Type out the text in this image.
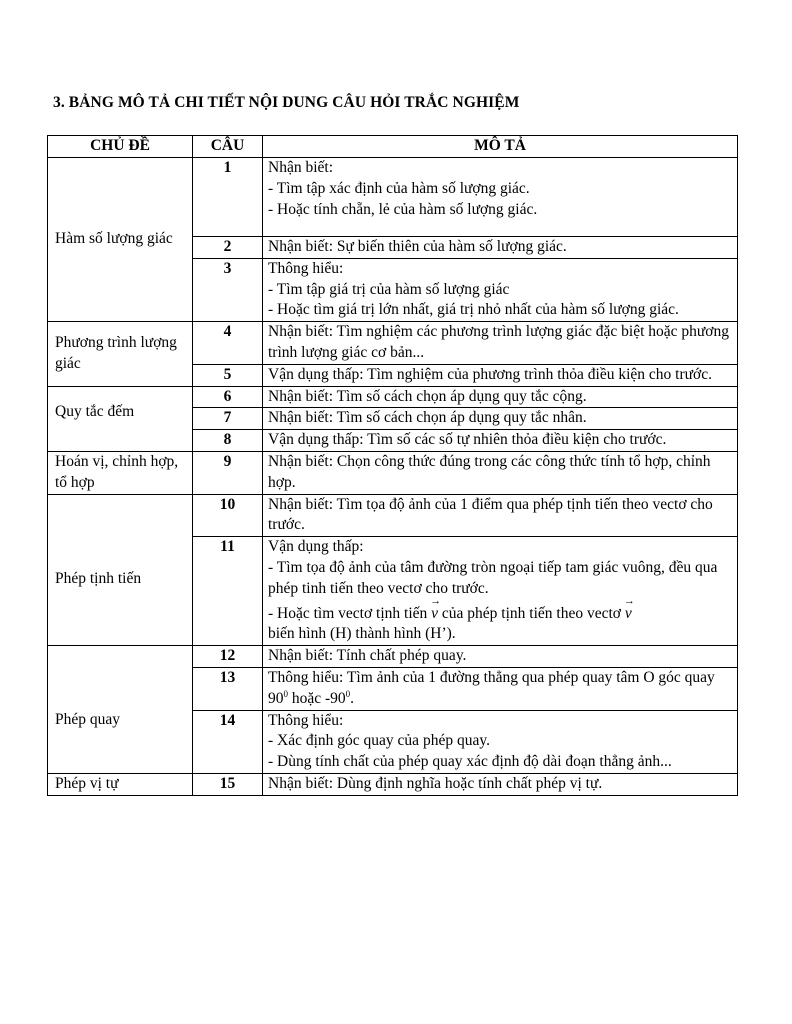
3. BẢNG MÔ TẢ CHI TIẾT NỘI DUNG CÂU HỎI TRẮC NGHIỆM
CHỦ ĐỀ	CÂU	MÔ TẢ
Hàm số lượng giác	1	Nhận biết:
- Tìm tập xác định của hàm số lượng giác.
- Hoặc tính chẵn, lẻ của hàm số lượng giác.

	2	Nhận biết: Sự biến thiên của hàm số lượng giác.

	3	Thông hiểu:
- Tìm tập giá trị của hàm số lượng giác
- Hoặc tìm giá trị lớn nhất, giá trị nhỏ nhất của hàm số lượng giác.

Phương trình lượng giác	4	Nhận biết: Tìm nghiệm các phương trình lượng giác đặc biệt hoặc phương trình lượng giác cơ bản...

	5	Vận dụng thấp: Tìm nghiệm của phương trình thỏa điều kiện cho trước.

Quy tắc đếm	6	Nhận biết: Tìm số cách chọn áp dụng quy tắc cộng.

	7	Nhận biết: Tìm số cách chọn áp dụng quy tắc nhân.

	8	Vận dụng thấp: Tìm số các số tự nhiên thỏa điều kiện cho trước.

Hoán vị, chỉnh hợp, tổ hợp	9	Nhận biết: Chọn công thức đúng trong các công thức tính tổ hợp, chỉnh hợp.

Phép tịnh tiến	10	Nhận biết: Tìm tọa độ ảnh của 1 điểm qua phép tịnh tiến theo vectơ cho trước.

	11	Vận dụng thấp:
- Tìm tọa độ ảnh của tâm đường tròn ngoại tiếp tam giác vuông, đều qua phép tinh tiến theo vectơ cho trước.
- Hoặc tìm vectơ tịnh tiến → v của phép tịnh tiến theo vectơ → v
biến hình (H) thành hình (H’).

Phép quay	12	Nhận biết: Tính chất phép quay.

	13	Thông hiểu: Tìm ảnh của 1 đường thẳng qua phép quay tâm O góc quay $90^0$ hoặc $-90^0$.
	14	Thông hiểu:
- Xác định góc quay của phép quay.
- Dùng tính chất của phép quay xác định độ dài đoạn thẳng ảnh...

Phép vị tự	15	Nhận biết: Dùng định nghĩa hoặc tính chất phép vị tự.
